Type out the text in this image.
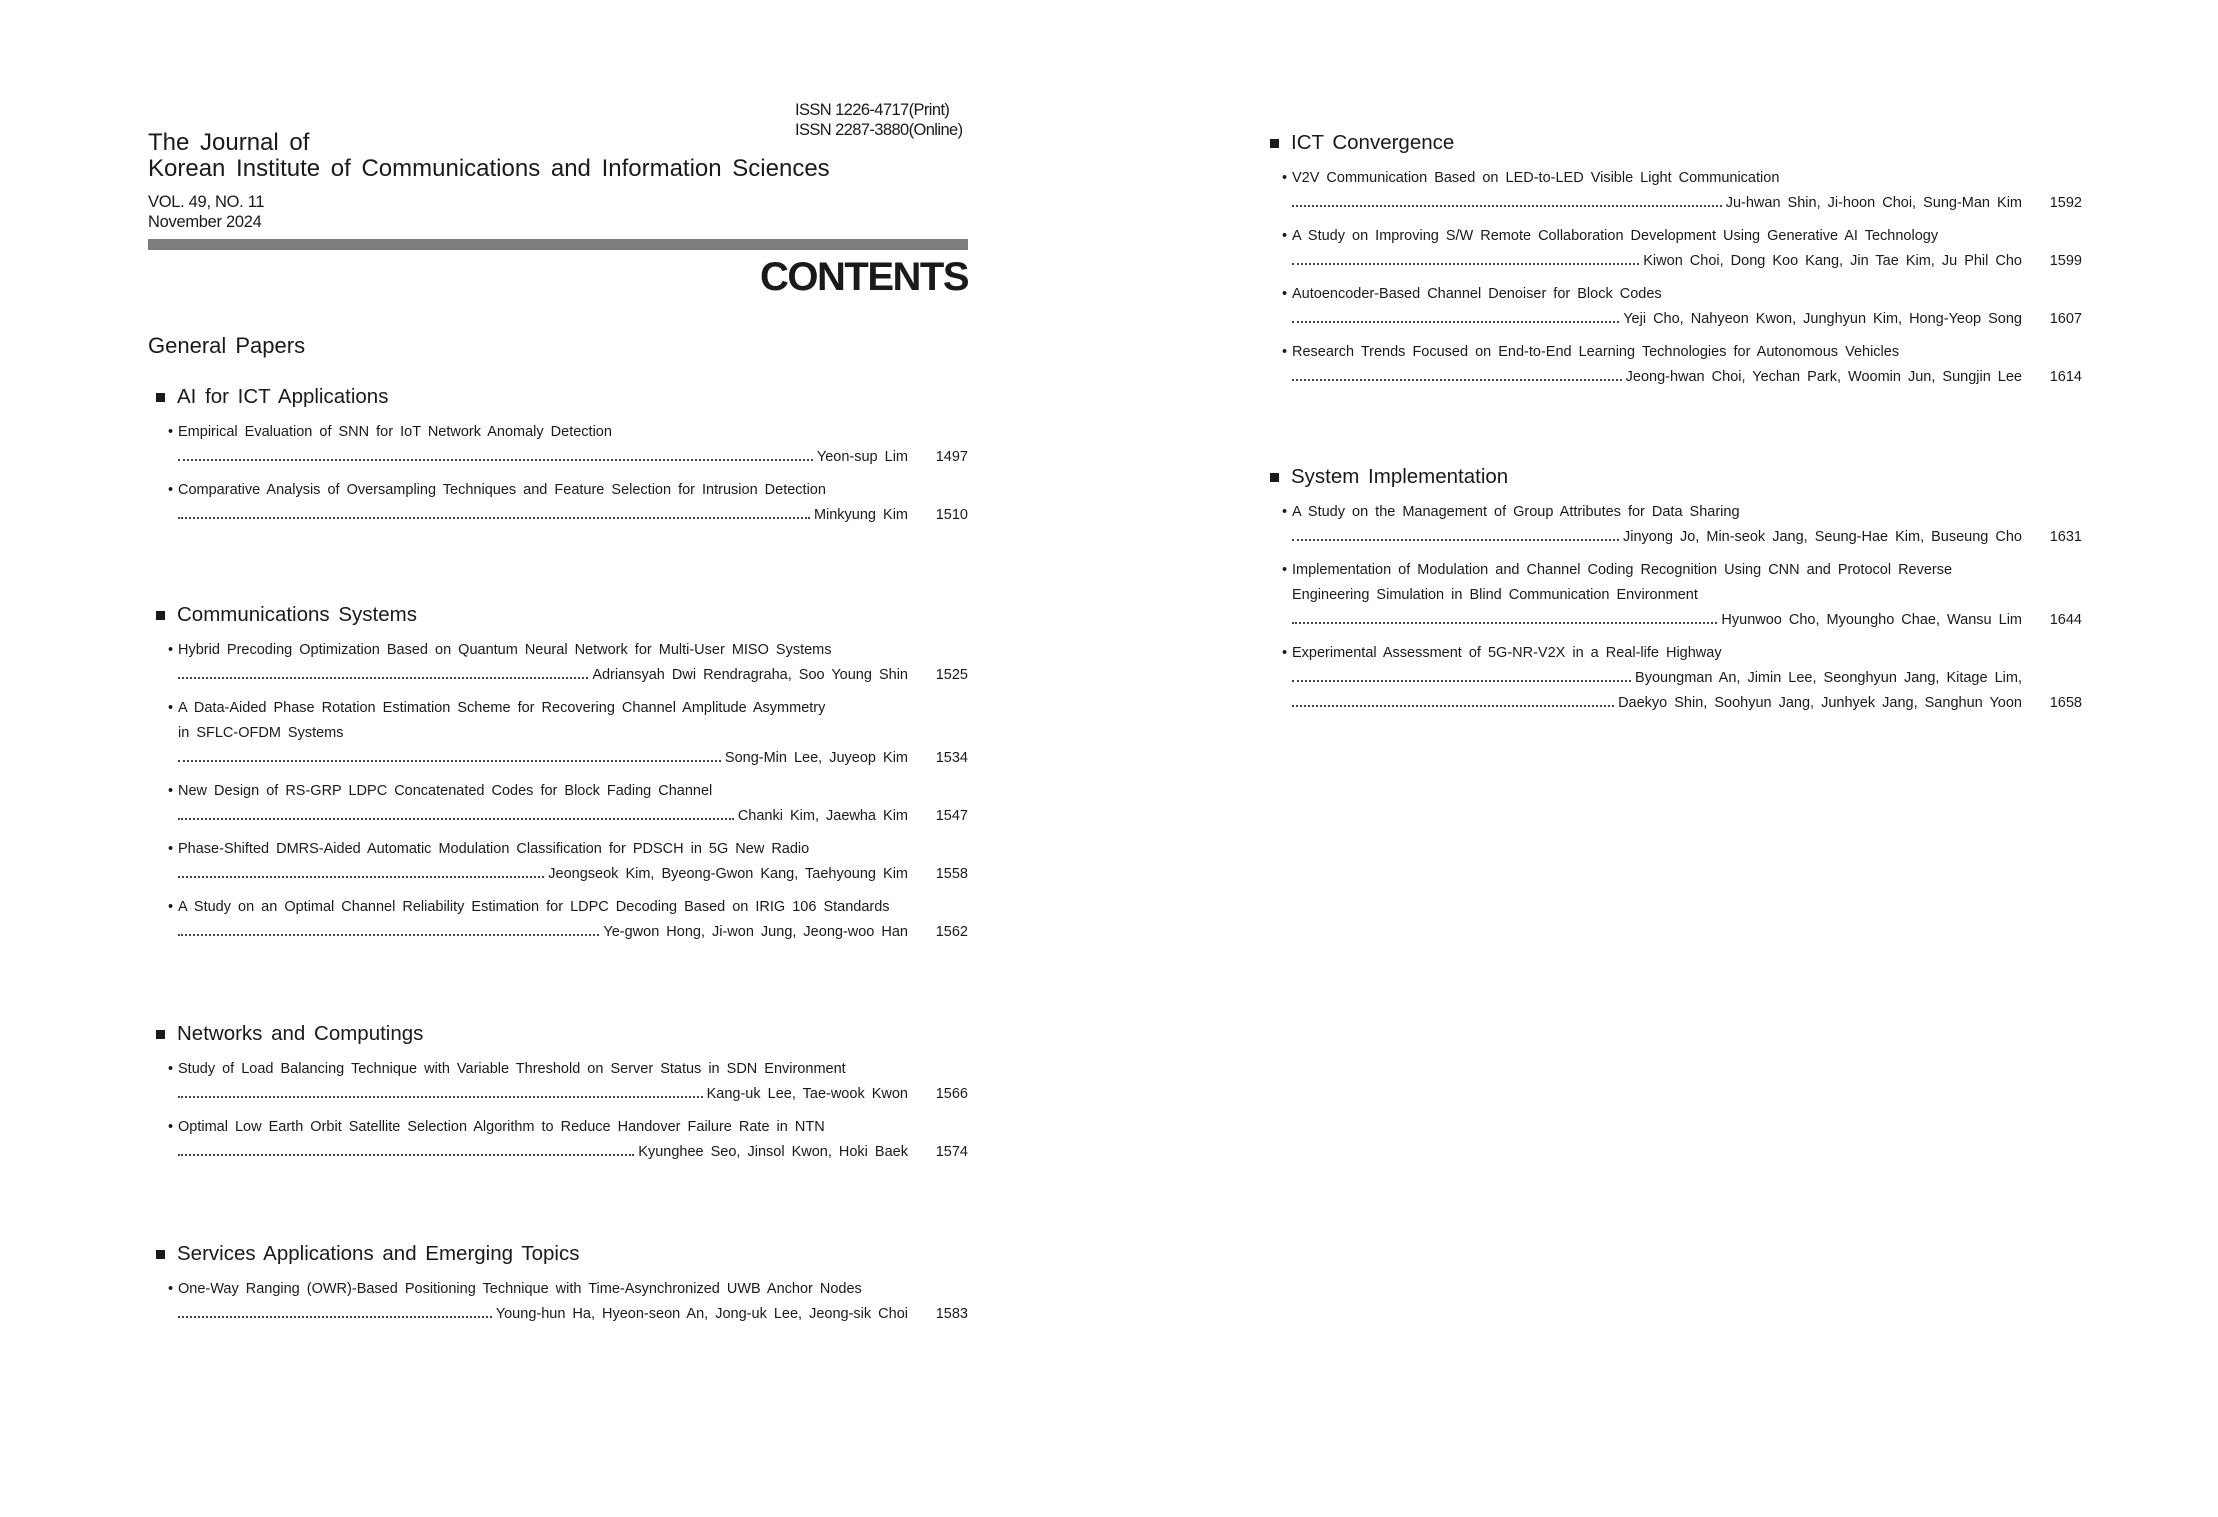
ISSN 1226-4717(Print)
ISSN 2287-3880(Online)
The Journal of
Korean Institute of Communications and Information Sciences
VOL. 49, NO. 11
November 2024
CONTENTS
General Papers
AI for ICT Applications
• Empirical Evaluation of SNN for IoT Network Anomaly Detection
Yeon-sup Lim	1497
• Comparative Analysis of Oversampling Techniques and Feature Selection for Intrusion Detection
Minkyung Kim	1510
Communications Systems
• Hybrid Precoding Optimization Based on Quantum Neural Network for Multi-User MISO Systems
Adriansyah Dwi Rendragraha, Soo Young Shin	1525
• A Data-Aided Phase Rotation Estimation Scheme for Recovering Channel Amplitude Asymmetry
in SFLC-OFDM Systems
Song-Min Lee, Juyeop Kim	1534
• New Design of RS-GRP LDPC Concatenated Codes for Block Fading Channel
Chanki Kim, Jaewha Kim	1547
• Phase-Shifted DMRS-Aided Automatic Modulation Classification for PDSCH in 5G New Radio
Jeongseok Kim, Byeong-Gwon Kang, Taehyoung Kim	1558
• A Study on an Optimal Channel Reliability Estimation for LDPC Decoding Based on IRIG 106 Standards
Ye-gwon Hong, Ji-won Jung, Jeong-woo Han	1562
Networks and Computings
• Study of Load Balancing Technique with Variable Threshold on Server Status in SDN Environment
Kang-uk Lee, Tae-wook Kwon	1566
• Optimal Low Earth Orbit Satellite Selection Algorithm to Reduce Handover Failure Rate in NTN
Kyunghee Seo, Jinsol Kwon, Hoki Baek	1574
Services Applications and Emerging Topics
• One-Way Ranging (OWR)-Based Positioning Technique with Time-Asynchronized UWB Anchor Nodes
Young-hun Ha, Hyeon-seon An, Jong-uk Lee, Jeong-sik Choi	1583
ICT Convergence
• V2V Communication Based on LED-to-LED Visible Light Communication
Ju-hwan Shin, Ji-hoon Choi, Sung-Man Kim	1592
• A Study on Improving S/W Remote Collaboration Development Using Generative AI Technology
Kiwon Choi, Dong Koo Kang, Jin Tae Kim, Ju Phil Cho	1599
• Autoencoder-Based Channel Denoiser for Block Codes
Yeji Cho, Nahyeon Kwon, Junghyun Kim, Hong-Yeop Song	1607
• Research Trends Focused on End-to-End Learning Technologies for Autonomous Vehicles
Jeong-hwan Choi, Yechan Park, Woomin Jun, Sungjin Lee	1614
System Implementation
• A Study on the Management of Group Attributes for Data Sharing
Jinyong Jo, Min-seok Jang, Seung-Hae Kim, Buseung Cho	1631
• Implementation of Modulation and Channel Coding Recognition Using CNN and Protocol Reverse
Engineering Simulation in Blind Communication Environment
Hyunwoo Cho, Myoungho Chae, Wansu Lim	1644
• Experimental Assessment of 5G-NR-V2X in a Real-life Highway
Byoungman An, Jimin Lee, Seonghyun Jang, Kitage Lim,
Daekyo Shin, Soohyun Jang, Junhyek Jang, Sanghun Yoon	1658
